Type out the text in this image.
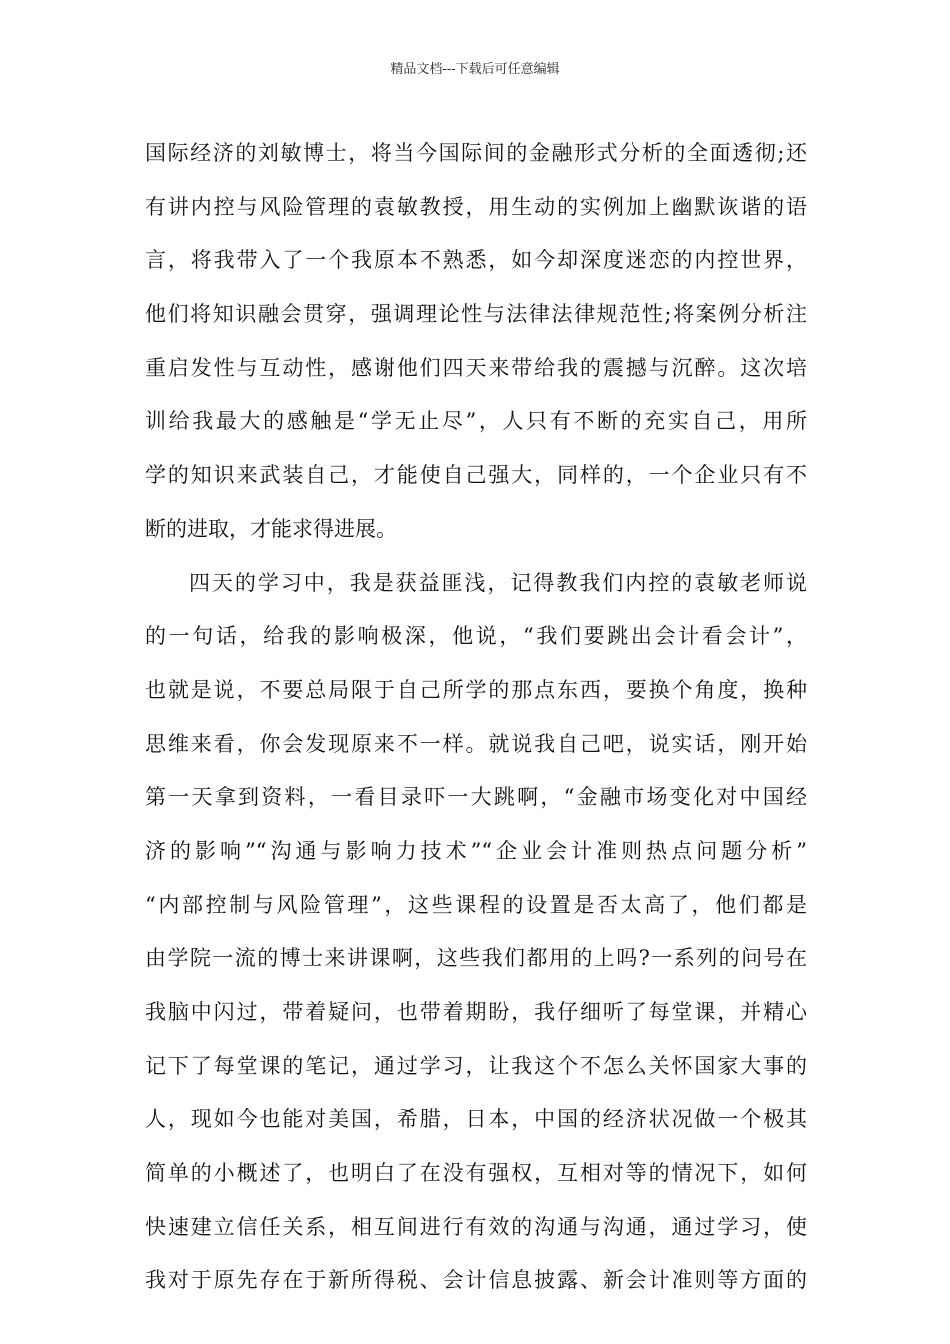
精品文档---下载后可任意编辑
国际经济的刘敏博士，将当今国际间的金融形式分析的全面透彻;还
有讲内控与风险管理的袁敏教授，用生动的实例加上幽默诙谐的语
言，将我带入了一个我原本不熟悉，如今却深度迷恋的内控世界，
他们将知识融会贯穿，强调理论性与法律法律规范性;将案例分析注
重启发性与互动性，感谢他们四天来带给我的震撼与沉醉。这次培
训给我最大的感触是“学无止尽”，人只有不断的充实自己，用所
学的知识来武装自己，才能使自己强大，同样的，一个企业只有不
断的进取，才能求得进展。
四天的学习中，我是获益匪浅，记得教我们内控的袁敏老师说
的一句话，给我的影响极深，他说，“我们要跳出会计看会计”，
也就是说，不要总局限于自己所学的那点东西，要换个角度，换种
思维来看，你会发现原来不一样。就说我自己吧，说实话，刚开始
第一天拿到资料，一看目录吓一大跳啊，“金融市场变化对中国经
济的影响”“沟通与影响力技术”“企业会计准则热点问题分析”
“内部控制与风险管理”，这些课程的设置是否太高了，他们都是
由学院一流的博士来讲课啊，这些我们都用的上吗?一系列的问号在
我脑中闪过，带着疑问，也带着期盼，我仔细听了每堂课，并精心
记下了每堂课的笔记，通过学习，让我这个不怎么关怀国家大事的
人，现如今也能对美国，希腊，日本，中国的经济状况做一个极其
简单的小概述了，也明白了在没有强权，互相对等的情况下，如何
快速建立信任关系，相互间进行有效的沟通与沟通，通过学习，使
我对于原先存在于新所得税、会计信息披露、新会计准则等方面的
